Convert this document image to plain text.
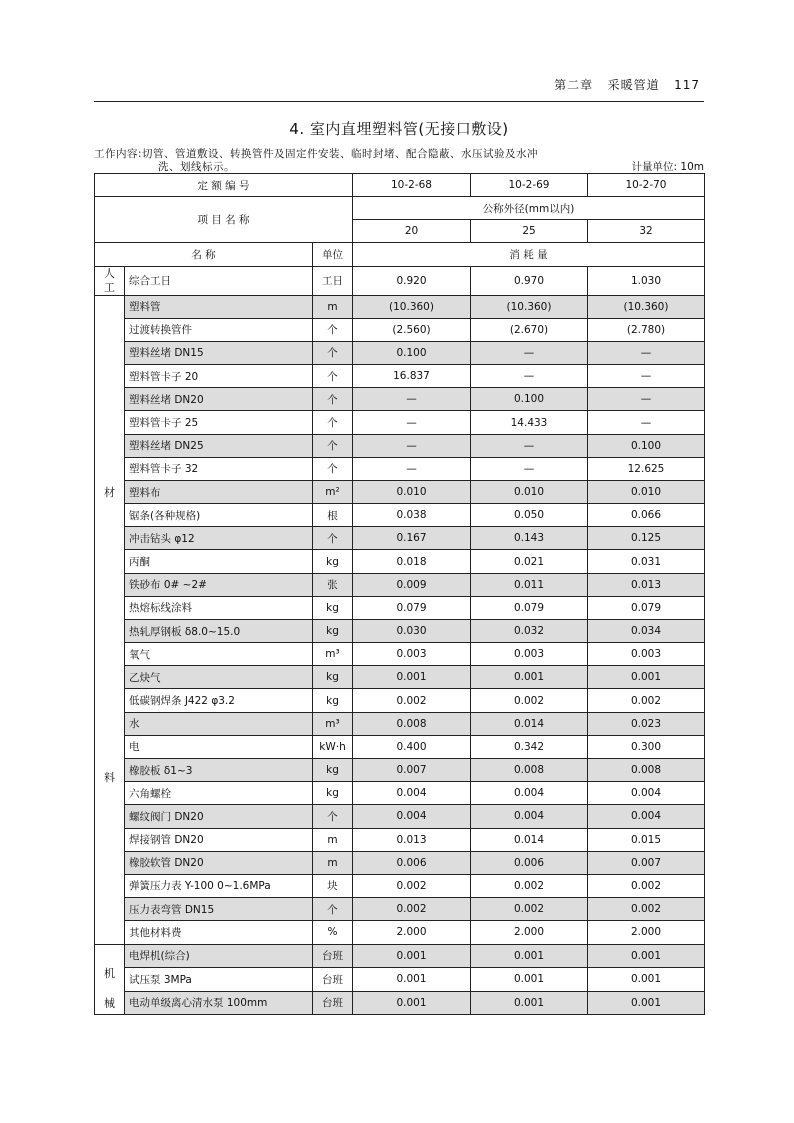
第二章 采暖管道 117
4. 室内直埋塑料管(无接口敷设)
工作内容:切管、管道敷设、转换管件及固定件安装、临时封堵、配合隐蔽、水压试验及水冲
洗、划线标示。	计量单位: 10m
定 额 编 号			10-2-68	10-2-69	10-2-70
项 目 名 称			公称外径(mm以内)		
			20	25	32
名 称		单位	消 耗 量		

人
工	综合工日	工日	0.920	0.970	1.030

材
料	塑料管	m	(10.360)	(10.360)	(10.360)
	过渡转换管件	个	(2.560)	(2.670)	(2.780)
	塑料丝堵 DN15	个	0.100	—	—
	塑料管卡子 20	个	16.837	—	—
	塑料丝堵 DN20	个	—	0.100	—
	塑料管卡子 25	个	—	14.433	—
	塑料丝堵 DN25	个	—	—	0.100
	塑料管卡子 32	个	—	—	12.625
	塑料布	m²	0.010	0.010	0.010
	锯条(各种规格)	根	0.038	0.050	0.066
	冲击钻头 φ12	个	0.167	0.143	0.125
	丙酮	kg	0.018	0.021	0.031
	铁砂布 0# ~2#	张	0.009	0.011	0.013
	热熔标线涂料	kg	0.079	0.079	0.079
	热轧厚钢板 δ8.0~15.0	kg	0.030	0.032	0.034
	氧气	m³	0.003	0.003	0.003
	乙炔气	kg	0.001	0.001	0.001
	低碳钢焊条 J422 φ3.2	kg	0.002	0.002	0.002
	水	m³	0.008	0.014	0.023
	电	kW·h	0.400	0.342	0.300
	橡胶板 δ1~3	kg	0.007	0.008	0.008
	六角螺栓	kg	0.004	0.004	0.004
	螺纹阀门 DN20	个	0.004	0.004	0.004
	焊接钢管 DN20	m	0.013	0.014	0.015
	橡胶软管 DN20	m	0.006	0.006	0.007
	弹簧压力表 Y-100 0~1.6MPa	块	0.002	0.002	0.002
	压力表弯管 DN15	个	0.002	0.002	0.002
	其他材料费	%	2.000	2.000	2.000

机
械	电焊机(综合)	台班	0.001	0.001	0.001
	试压泵 3MPa	台班	0.001	0.001	0.001
	电动单级离心清水泵 100mm	台班	0.001	0.001	0.001
